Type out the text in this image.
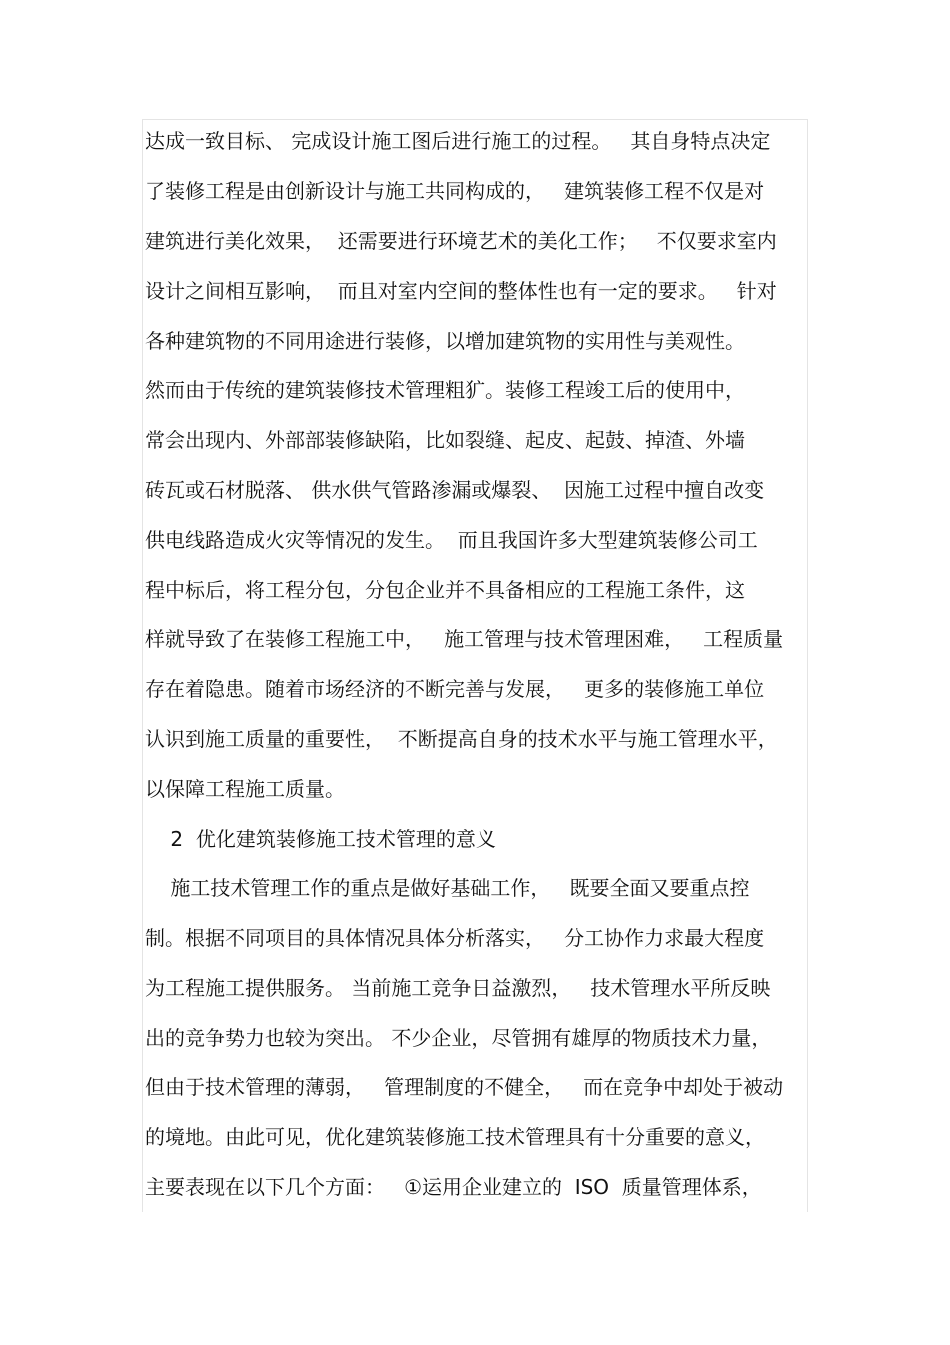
达成一致目标、 完成设计施工图后进行施工的过程。   其自身特点决定

了装修工程是由创新设计与施工共同构成的，   建筑装修工程不仅是对

建筑进行美化效果，  还需要进行环境艺术的美化工作；   不仅要求室内

设计之间相互影响，  而且对室内空间的整体性也有一定的要求。   针对

各种建筑物的不同用途进行装修，以增加建筑物的实用性与美观性。

然而由于传统的建筑装修技术管理粗犷。装修工程竣工后的使用中，

常会出现内、外部部装修缺陷，比如裂缝、起皮、起鼓、掉渣、外墙

砖瓦或石材脱落、 供水供气管路渗漏或爆裂、  因施工过程中擅自改变

供电线路造成火灾等情况的发生。  而且我国许多大型建筑装修公司工

程中标后，将工程分包，分包企业并不具备相应的工程施工条件，这

样就导致了在装修工程施工中，   施工管理与技术管理困难，   工程质量

存在着隐患。随着市场经济的不断完善与发展，   更多的装修施工单位

认识到施工质量的重要性，  不断提高自身的技术水平与施工管理水平，

以保障工程施工质量。

2  优化建筑装修施工技术管理的意义

施工技术管理工作的重点是做好基础工作，   既要全面又要重点控

制。根据不同项目的具体情况具体分析落实，   分工协作力求最大程度

为工程施工提供服务。 当前施工竞争日益激烈，   技术管理水平所反映

出的竞争势力也较为突出。 不少企业，尽管拥有雄厚的物质技术力量，

但由于技术管理的薄弱，   管理制度的不健全，   而在竞争中却处于被动

的境地。由此可见，优化建筑装修施工技术管理具有十分重要的意义，

主要表现在以下几个方面：   ①运用企业建立的  ISO  质量管理体系，
